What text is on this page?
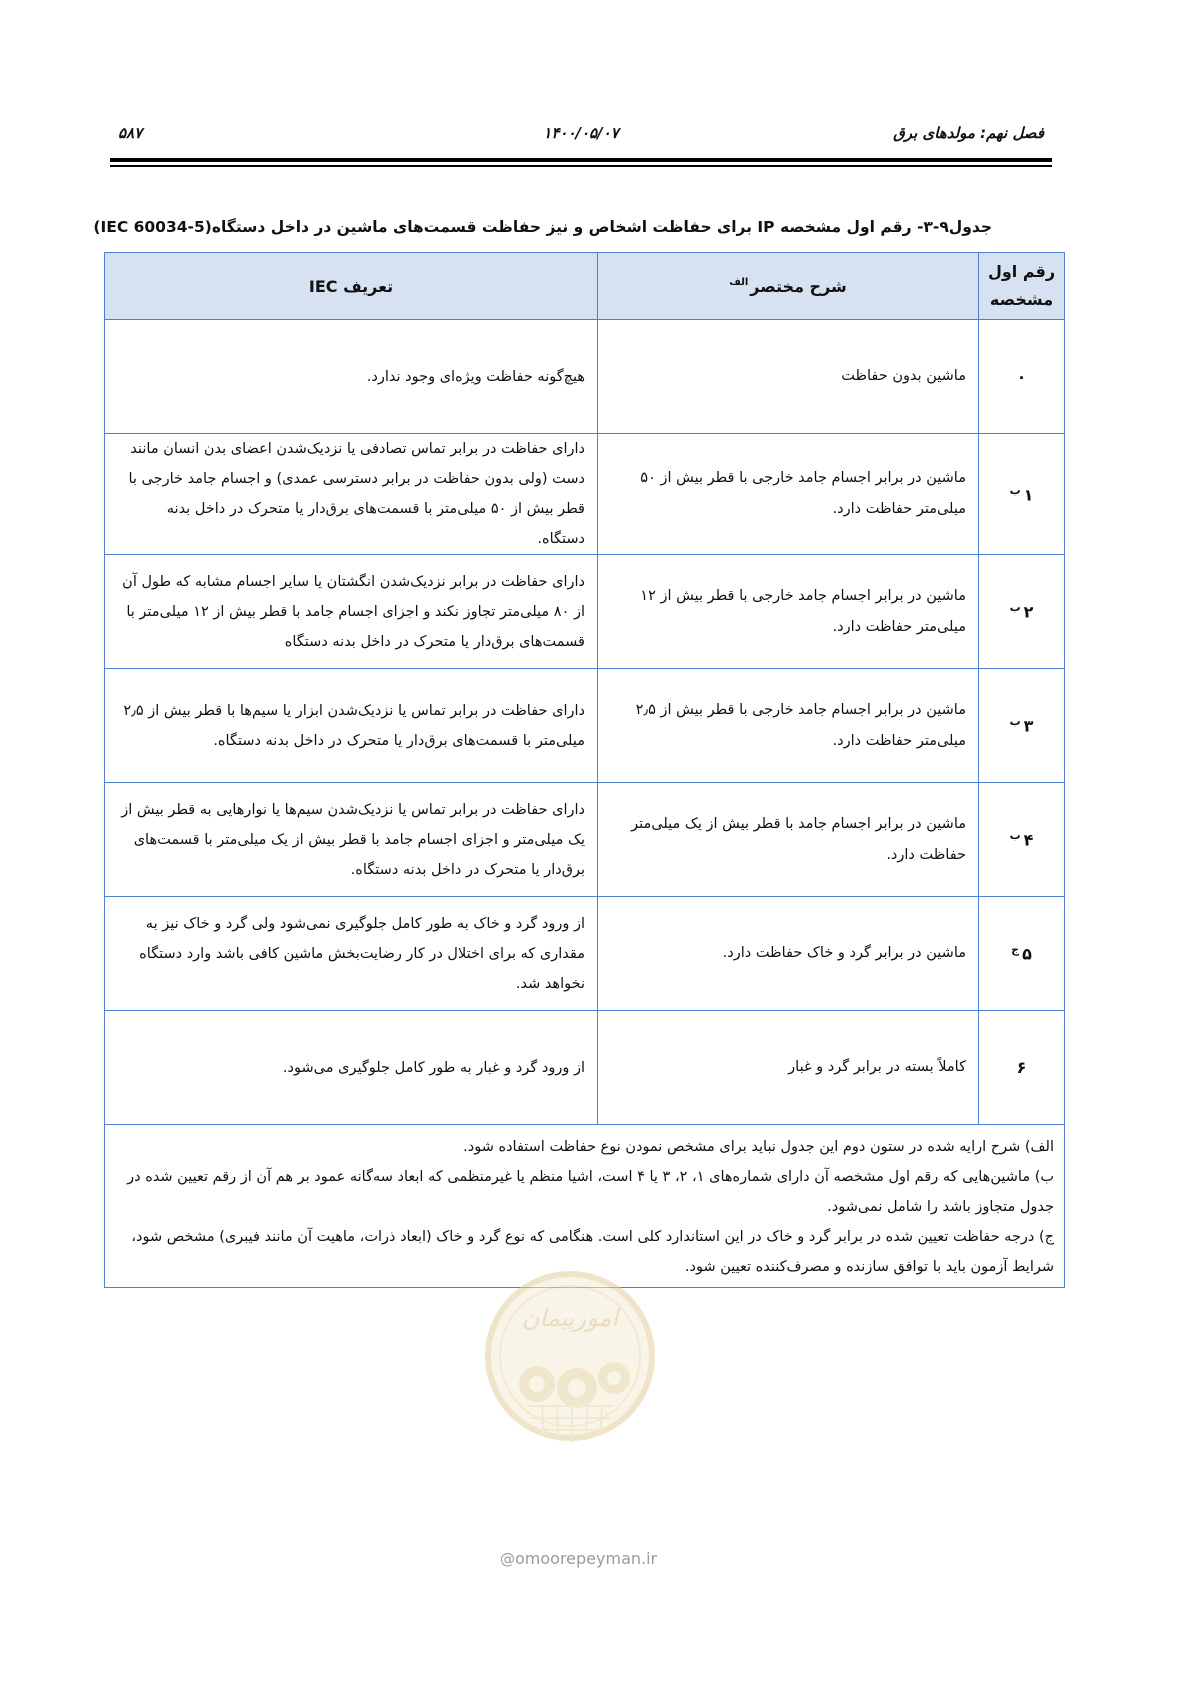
۵۸۷	۱۴۰۰/۰۵/۰۷	فصل نهم: مولدهای برق
جدول۹-۳- رقم اول مشخصه IP برای حفاظت اشخاص و نیز حفاظت قسمت‌های ماشین در داخل دستگاه(IEC 60034-5)
رقم اول
مشخصه	شرح مختصر$^{الف}$	تعریف IEC
۰	ماشین بدون حفاظت	هیچ‌گونه حفاظت ویژه‌ای وجود ندارد.
$۱^ب$	ماشین در برابر اجسام جامد خارجی با قطر بیش از ۵۰ میلی‌متر حفاظت دارد.	دارای حفاظت در برابر تماس تصادفی یا نزدیک‌شدن اعضای بدن انسان مانند دست (ولی بدون حفاظت در برابر دسترسی عمدی) و اجسام جامد خارجی با قطر بیش از ۵۰ میلی‌متر با قسمت‌های برق‌دار یا متحرک در داخل بدنه دستگاه.
$۲^ب$	ماشین در برابر اجسام جامد خارجی با قطر بیش از ۱۲ میلی‌متر حفاظت دارد.	دارای حفاظت در برابر نزدیک‌شدن انگشتان یا سایر اجسام مشابه که طول آن از ۸۰ میلی‌متر تجاوز نکند و اجزای اجسام جامد با قطر بیش از ۱۲ میلی‌متر با قسمت‌های برق‌دار یا متحرک در داخل بدنه دستگاه
$۳^ب$	ماشین در برابر اجسام جامد خارجی با قطر بیش از ۲٫۵ میلی‌متر حفاظت دارد.	دارای حفاظت در برابر تماس یا نزدیک‌شدن ابزار یا سیم‌ها با قطر بیش از ۲٫۵ میلی‌متر با قسمت‌های برق‌دار یا متحرک در داخل بدنه دستگاه.
$۴^ب$	ماشین در برابر اجسام جامد با قطر بیش از یک میلی‌متر حفاظت دارد.	دارای حفاظت در برابر تماس یا نزدیک‌شدن سیم‌ها یا نوارهایی به قطر بیش از یک میلی‌متر و اجزای اجسام جامد با قطر بیش از یک میلی‌متر با قسمت‌های برق‌دار یا متحرک در داخل بدنه دستگاه.
$۵^ج$	ماشین در برابر گرد و خاک حفاظت دارد.	از ورود گرد و خاک به طور کامل جلوگیری نمی‌شود ولی گرد و خاک نیز به مقداری که برای اختلال در کار رضایت‌بخش ماشین کافی باشد وارد دستگاه نخواهد شد.
۶	کاملاً بسته در برابر گرد و غبار	از ورود گرد و غبار به طور کامل جلوگیری می‌شود.

الف) شرح ارایه شده در ستون دوم این جدول نباید برای مشخص نمودن نوع حفاظت استفاده شود.
ب) ماشین‌هایی که رقم اول مشخصه آن دارای شماره‌های ۱، ۲، ۳ یا ۴ است، اشیا منظم یا غیرمنظمی که ابعاد سه‌گانه عمود بر هم آن از رقم تعیین شده در جدول متجاوز باشد را شامل نمی‌شود.
ج) درجه حفاظت تعیین شده در برابر گرد و خاک در این استاندارد کلی است. هنگامی که نوع گرد و خاک (ابعاد ذرات، ماهیت آن مانند فیبری) مشخص شود، شرایط آزمون باید با توافق سازنده و مصرف‌کننده تعیین شود.		
امورپیمان
@omoorepeyman.ir
